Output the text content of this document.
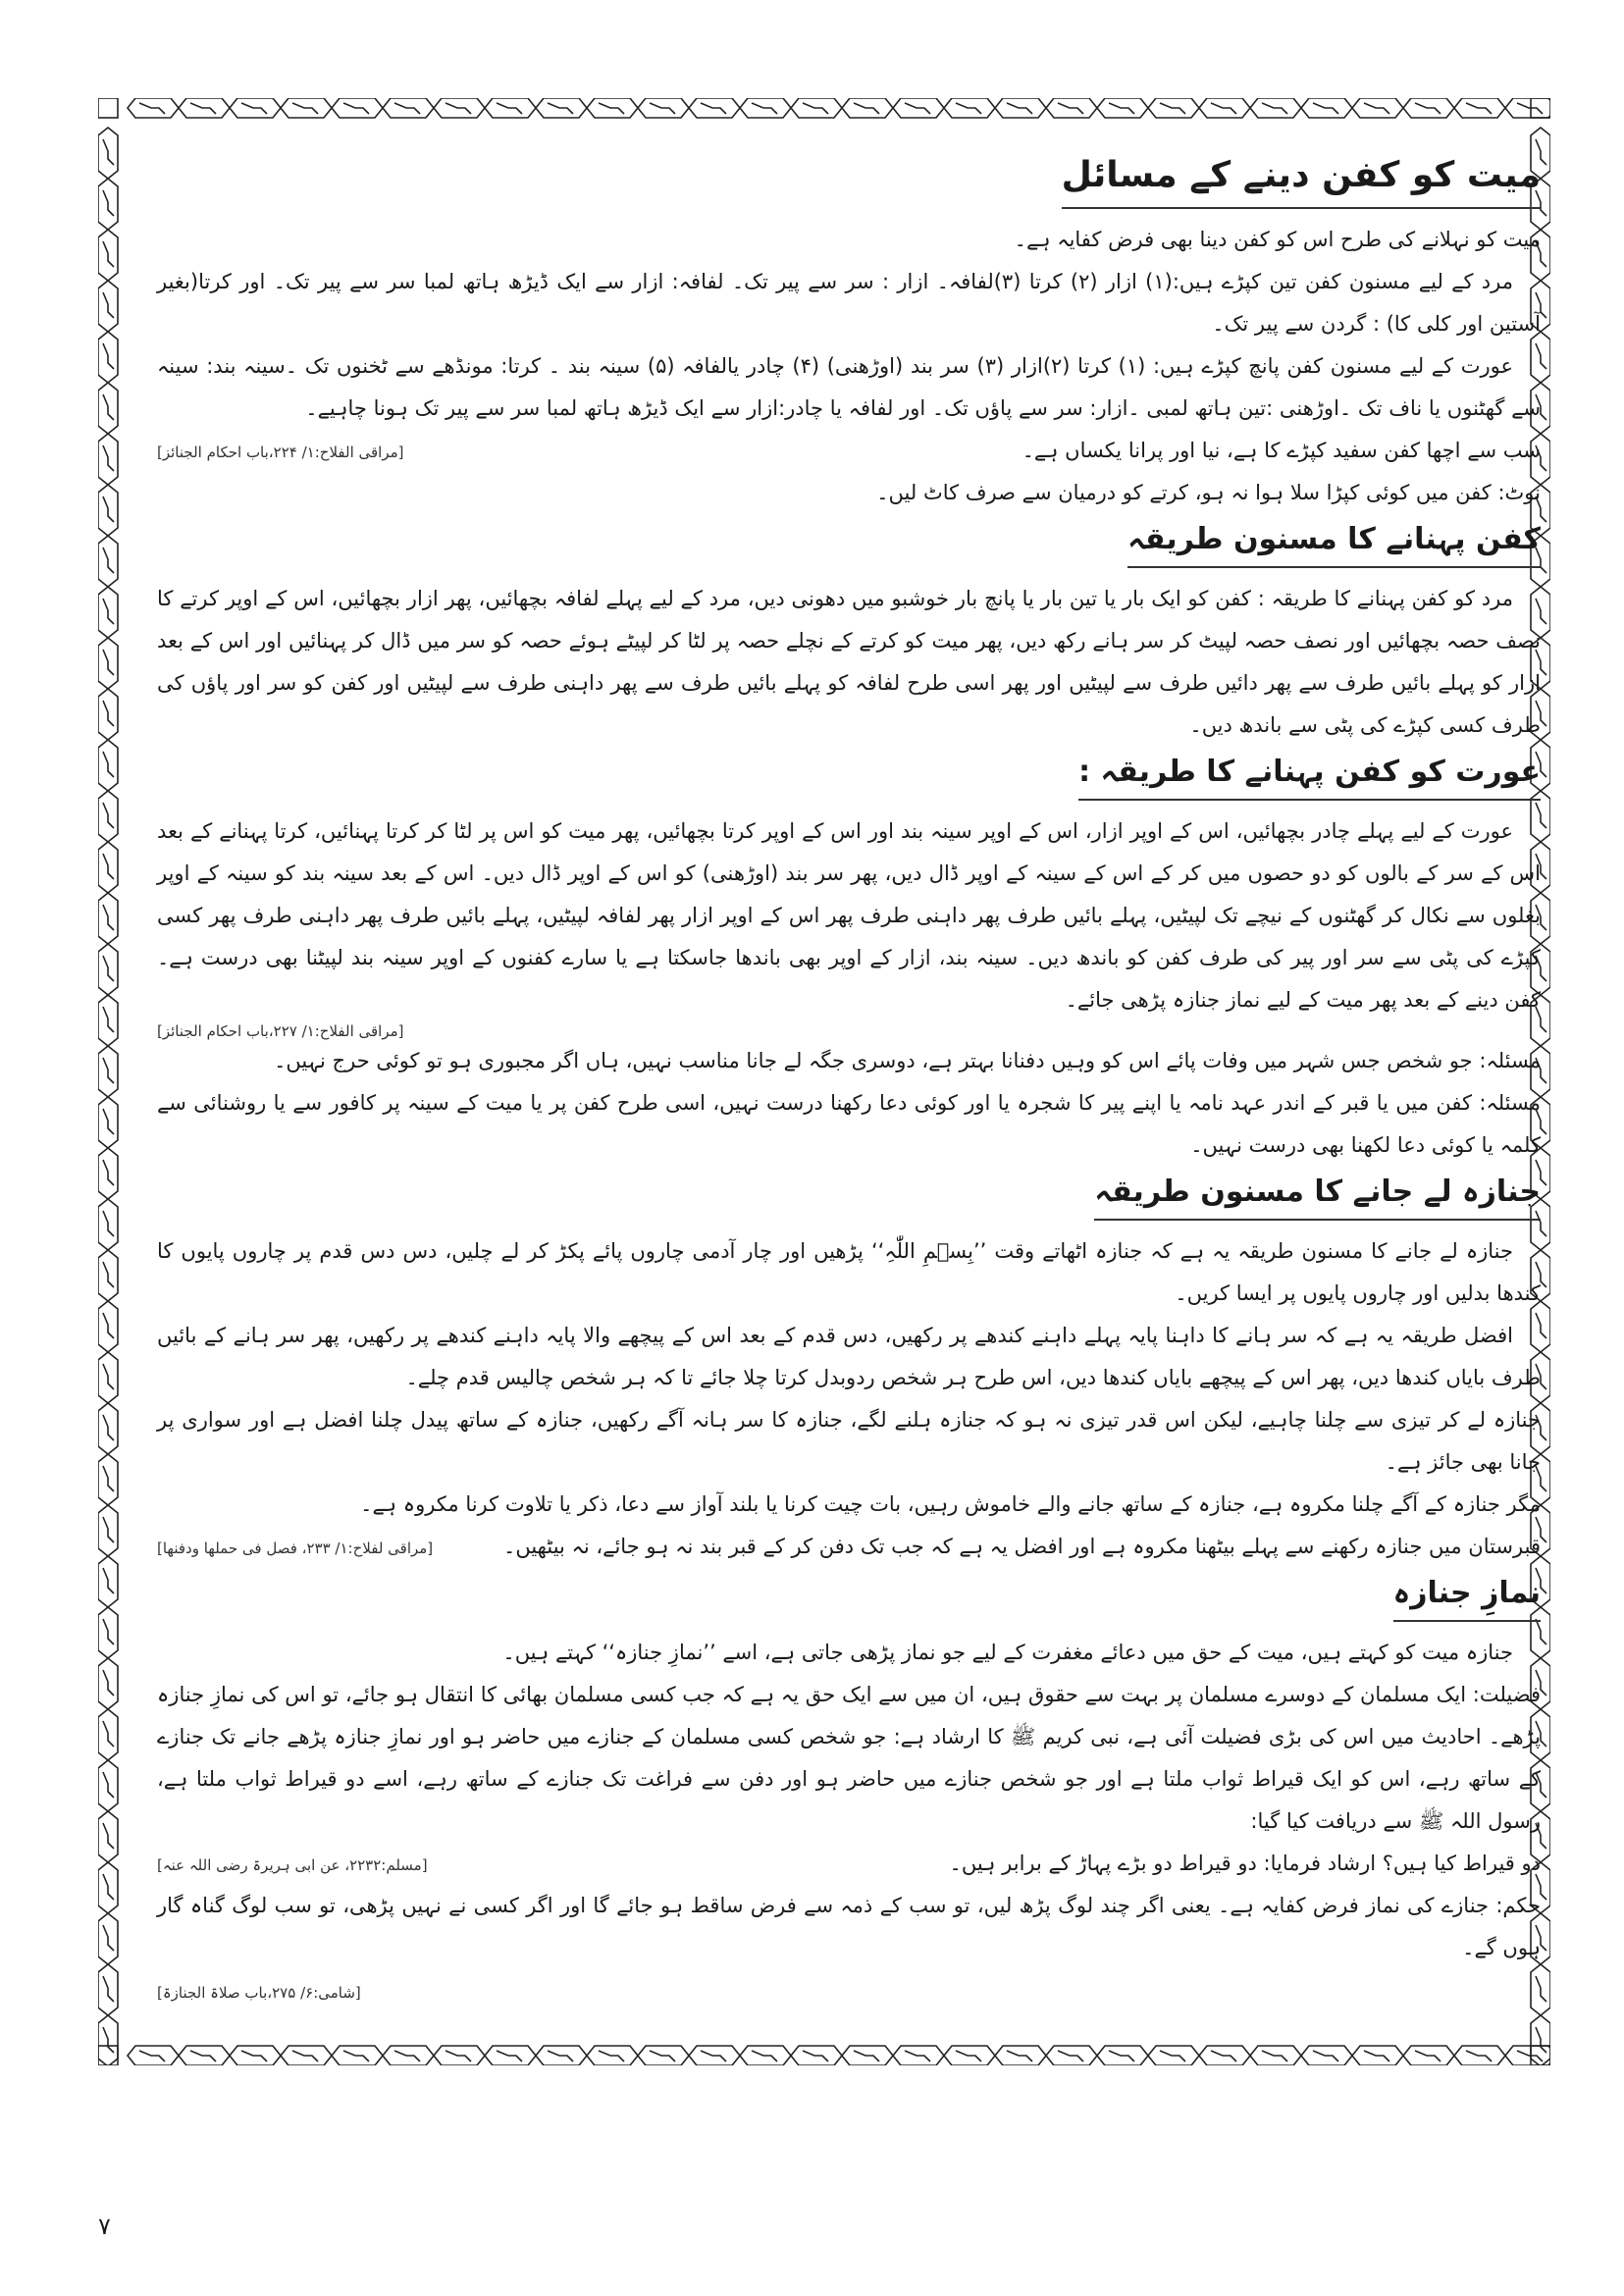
میت کو کفن دینے کے مسائل

میت کو نہلانے کی طرح اس کو کفن دینا بھی فرض کفایہ ہے۔

مرد کے لیے مسنون کفن تین کپڑے ہیں:(۱) ازار (۲) کرتا (۳)لفافہ۔ ازار : سر سے پیر تک۔ لفافہ: ازار سے ایک ڈیڑھ ہاتھ لمبا سر سے پیر تک۔ اور کرتا(بغیر آستین اور کلی کا) : گردن سے پیر تک۔

عورت کے لیے مسنون کفن پانچ کپڑے ہیں: (۱) کرتا (۲)ازار (۳) سر بند (اوڑھنی) (۴) چادر یالفافہ (۵) سینہ بند ۔ کرتا: مونڈھے سے ٹخنوں تک ۔سینہ بند: سینہ سے گھٹنوں یا ناف تک ۔اوڑھنی :تین ہاتھ لمبی ۔ازار: سر سے پاؤں تک۔ اور لفافہ یا چادر:ازار سے ایک ڈیڑھ ہاتھ لمبا سر سے پیر تک ہونا چاہیے۔

سب سے اچھا کفن سفید کپڑے کا ہے، نیا اور پرانا یکساں ہے۔

[مراقی الفلاح:۱/ ۲۲۴،باب احکام الجنائز]

نوٹ: کفن میں کوئی کپڑا سلا ہوا نہ ہو، کرتے کو درمیان سے صرف کاٹ لیں۔

کفن پہنانے کا مسنون طریقہ

مرد کو کفن پہنانے کا طریقہ : کفن کو ایک بار یا تین بار یا پانچ بار خوشبو میں دھونی دیں، مرد کے لیے پہلے لفافہ بچھائیں، پھر ازار بچھائیں، اس کے اوپر کرتے کا نصف حصہ بچھائیں اور نصف حصہ لپیٹ کر سر ہانے رکھ دیں، پھر میت کو کرتے کے نچلے حصہ پر لٹا کر لپیٹے ہوئے حصہ کو سر میں ڈال کر پہنائیں اور اس کے بعد ازار کو پہلے بائیں طرف سے پھر دائیں طرف سے لپیٹیں اور پھر اسی طرح لفافہ کو پہلے بائیں طرف سے پھر داہنی طرف سے لپیٹیں اور کفن کو سر اور پاؤں کی طرف کسی کپڑے کی پٹی سے باندھ دیں۔

عورت کو کفن پہنانے کا طریقہ :

عورت کے لیے پہلے چادر بچھائیں، اس کے اوپر ازار، اس کے اوپر سینہ بند اور اس کے اوپر کرتا بچھائیں، پھر میت کو اس پر لٹا کر کرتا پہنائیں، کرتا پہنانے کے بعد اس کے سر کے بالوں کو دو حصوں میں کر کے اس کے سینہ کے اوپر ڈال دیں، پھر سر بند (اوڑھنی) کو اس کے اوپر ڈال دیں۔ اس کے بعد سینہ بند کو سینہ کے اوپر بغلوں سے نکال کر گھٹنوں کے نیچے تک لپیٹیں، پہلے بائیں طرف پھر داہنی طرف پھر اس کے اوپر ازار پھر لفافہ لپیٹیں، پہلے بائیں طرف پھر داہنی طرف پھر کسی کپڑے کی پٹی سے سر اور پیر کی طرف کفن کو باندھ دیں۔ سینہ بند، ازار کے اوپر بھی باندھا جاسکتا ہے یا سارے کفنوں کے اوپر سینہ بند لپیٹنا بھی درست ہے۔ کفن دینے کے بعد پھر میت کے لیے نماز جنازہ پڑھی جائے۔

[مراقی الفلاح:۱/ ۲۲۷،باب احکام الجنائز]

مسئلہ: جو شخص جس شہر میں وفات پائے اس کو وہیں دفنانا بہتر ہے، دوسری جگہ لے جانا مناسب نہیں، ہاں اگر مجبوری ہو تو کوئی حرج نہیں۔

مسئلہ: کفن میں یا قبر کے اندر عہد نامہ یا اپنے پیر کا شجرہ یا اور کوئی دعا رکھنا درست نہیں، اسی طرح کفن پر یا میت کے سینہ پر کافور سے یا روشنائی سے کلمہ یا کوئی دعا لکھنا بھی درست نہیں۔

جنازہ لے جانے کا مسنون طریقہ

جنازہ لے جانے کا مسنون طریقہ یہ ہے کہ جنازہ اٹھاتے وقت ’’بِسۡمِ اللّٰہِ‘‘ پڑھیں اور چار آدمی چاروں پائے پکڑ کر لے چلیں، دس دس قدم پر چاروں پایوں کا کندھا بدلیں اور چاروں پایوں پر ایسا کریں۔

افضل طریقہ یہ ہے کہ سر ہانے کا داہنا پایہ پہلے داہنے کندھے پر رکھیں، دس قدم کے بعد اس کے پیچھے والا پایہ داہنے کندھے پر رکھیں، پھر سر ہانے کے بائیں طرف بایاں کندھا دیں، پھر اس کے پیچھے بایاں کندھا دیں، اس طرح ہر شخص ردوبدل کرتا چلا جائے تا کہ ہر شخص چالیس قدم چلے۔

جنازہ لے کر تیزی سے چلنا چاہیے، لیکن اس قدر تیزی نہ ہو کہ جنازہ ہلنے لگے، جنازہ کا سر ہانہ آگے رکھیں، جنازہ کے ساتھ پیدل چلنا افضل ہے اور سواری پر جانا بھی جائز ہے۔

مگر جنازہ کے آگے چلنا مکروہ ہے، جنازہ کے ساتھ جانے والے خاموش رہیں، بات چیت کرنا یا بلند آواز سے دعا، ذکر یا تلاوت کرنا مکروہ ہے۔

قبرستان میں جنازہ رکھنے سے پہلے بیٹھنا مکروہ ہے اور افضل یہ ہے کہ جب تک دفن کر کے قبر بند نہ ہو جائے، نہ بیٹھیں۔

[مراقی لفلاح:۱/ ۲۳۳، فصل فی حملھا ودفنھا]
نمازِ جنازہ

جنازہ میت کو کہتے ہیں، میت کے حق میں دعائے مغفرت کے لیے جو نماز پڑھی جاتی ہے، اسے ’’نمازِ جنازہ‘‘ کہتے ہیں۔

فضیلت: ایک مسلمان کے دوسرے مسلمان پر بہت سے حقوق ہیں، ان میں سے ایک حق یہ ہے کہ جب کسی مسلمان بھائی کا انتقال ہو جائے، تو اس کی نمازِ جنازہ پڑھے۔ احادیث میں اس کی بڑی فضیلت آئی ہے، نبی کریم ﷺ کا ارشاد ہے: جو شخص کسی مسلمان کے جنازے میں حاضر ہو اور نمازِ جنازہ پڑھے جانے تک جنازے کے ساتھ رہے، اس کو ایک قیراط ثواب ملتا ہے اور جو شخص جنازے میں حاضر ہو اور دفن سے فراغت تک جنازے کے ساتھ رہے، اسے دو قیراط ثواب ملتا ہے، رسول اللہ ﷺ سے دریافت کیا گیا:

دو قیراط کیا ہیں؟ ارشاد فرمایا: دو قیراط دو بڑے پہاڑ کے برابر ہیں۔

[مسلم:۲۲۳۲، عن ابی ہریرۃ رضی اللہ عنہ]

حکم: جنازے کی نماز فرض کفایہ ہے۔ یعنی اگر چند لوگ پڑھ لیں، تو سب کے ذمہ سے فرض ساقط ہو جائے گا اور اگر کسی نے نہیں پڑھی، تو سب لوگ گناہ گار ہوں گے۔

[شامی:۶/ ۲۷۵،باب صلاۃ الجنازۃ]
۷
